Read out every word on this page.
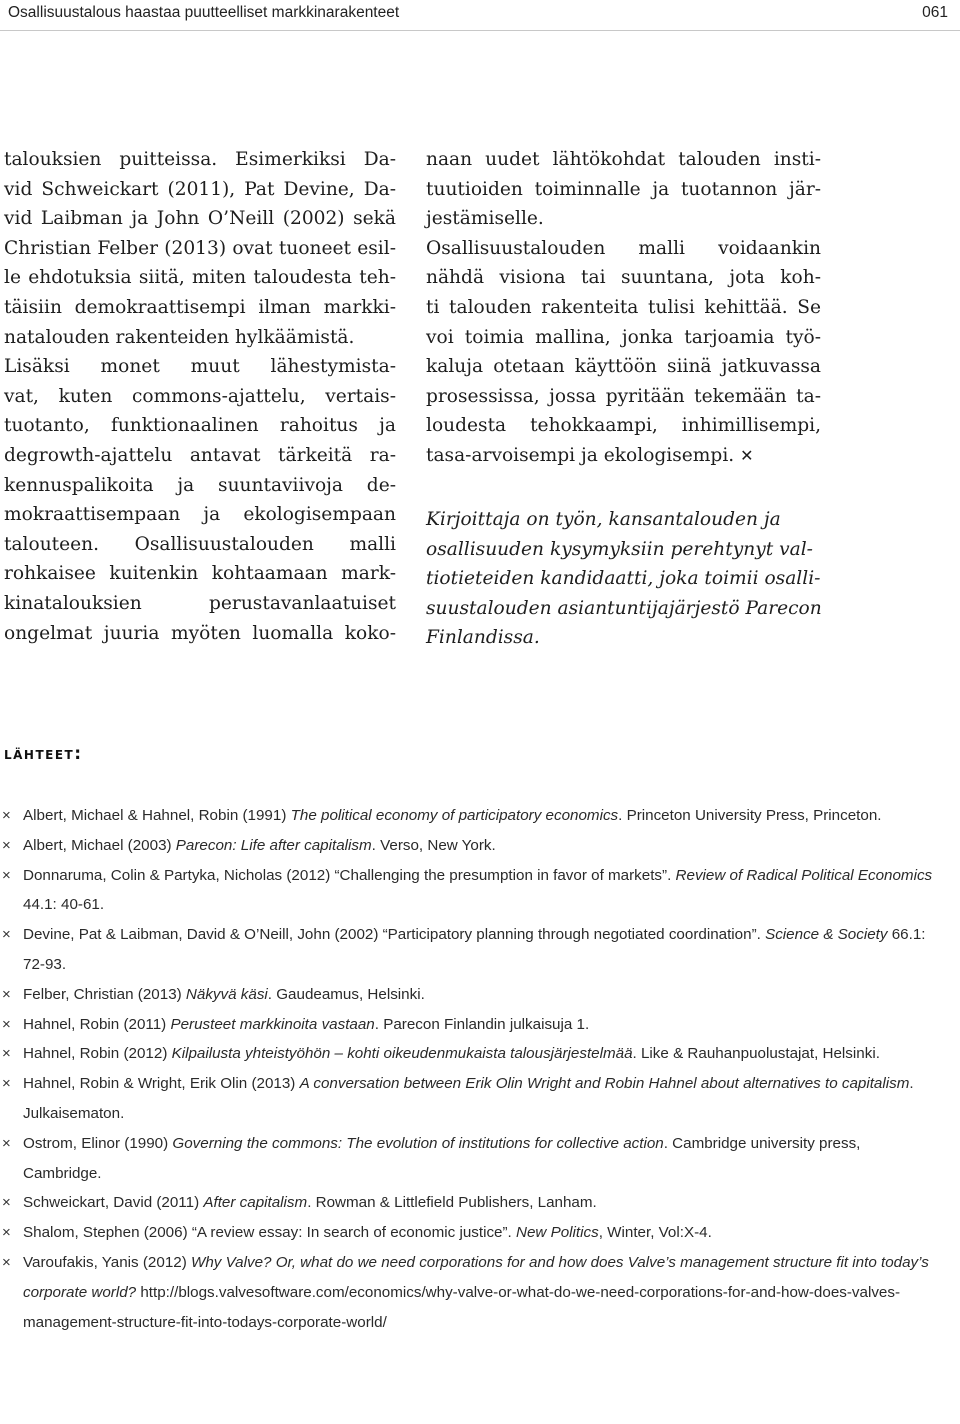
Osallisuustalous haastaa puutteelliset markkinarakenteet	061
talouksien puitteissa. Esimerkiksi Da-
vid Schweickart (2011), Pat Devine, Da-
vid Laibman ja John O’Neill (2002) sekä
Christian Felber (2013) ovat tuoneet esil-
le ehdotuksia siitä, miten taloudesta teh-
täisiin demokraattisempi ilman markki-
natalouden rakenteiden hylkäämistä.
Lisäksi monet muut lähestymista-
vat, kuten commons-ajattelu, vertais-
tuotanto, funktionaalinen rahoitus ja
degrowth-ajattelu antavat tärkeitä ra-
kennuspalikoita ja suuntaviivoja de-
mokraattisempaan ja ekologisempaan
talouteen. Osallisuustalouden malli
rohkaisee kuitenkin kohtaamaan mark-
kinatalouksien perustavanlaatuiset
ongelmat juuria myöten luomalla koko-
naan uudet lähtökohdat talouden insti-
tuutioiden toiminnalle ja tuotannon jär-
jestämiselle.
Osallisuustalouden malli voidaankin
nähdä visiona tai suuntana, jota koh-
ti talouden rakenteita tulisi kehittää. Se
voi toimia mallina, jonka tarjoamia työ-
kaluja otetaan käyttöön siinä jatkuvassa
prosessissa, jossa pyritään tekemään ta-
loudesta tehokkaampi, inhimillisempi,
tasa-arvoisempi ja ekologisempi. ✕
Kirjoittaja on työn, kansantalouden ja
osallisuuden kysymyksiin perehtynyt val-
tiotieteiden kandidaatti, joka toimii osalli-
suustalouden asiantuntijajärjestö Parecon
Finlandissa.
lähteet:
× Albert, Michael & Hahnel, Robin (1991) The political economy of participatory economics. Princeton University Press, Princeton.
× Albert, Michael (2003) Parecon: Life after capitalism. Verso, New York.
× Donnaruma, Colin & Partyka, Nicholas (2012) “Challenging the presumption in favor of markets”. Review of Radical Political Economics 44.1: 40-61.
× Devine, Pat & Laibman, David & O’Neill, John (2002) “Participatory planning through negotiated coordination”. Science & Society 66.1: 72-93.
× Felber, Christian (2013) Näkyvä käsi. Gaudeamus, Helsinki.
× Hahnel, Robin (2011) Perusteet markkinoita vastaan. Parecon Finlandin julkaisuja 1.
× Hahnel, Robin (2012) Kilpailusta yhteistyöhön – kohti oikeudenmukaista talousjärjestelmää. Like & Rauhanpuolustajat, Helsinki.
× Hahnel, Robin & Wright, Erik Olin (2013) A conversation between Erik Olin Wright and Robin Hahnel about alternatives to capitalism. Julkaisematon.
× Ostrom, Elinor (1990) Governing the commons: The evolution of institutions for collective action. Cambridge university press, Cambridge.
× Schweickart, David (2011) After capitalism. Rowman & Littlefield Publishers, Lanham.
× Shalom, Stephen (2006) “A review essay: In search of economic justice”. New Politics, Winter, Vol:X-4.
× Varoufakis, Yanis (2012) Why Valve? Or, what do we need corporations for and how does Valve’s management structure fit into today’s corporate world? http://blogs.valvesoftware.com/economics/why-valve-or-what-do-we-need-corporations-for-and-how-does-valves-management-structure-fit-into-todays-corporate-world/
